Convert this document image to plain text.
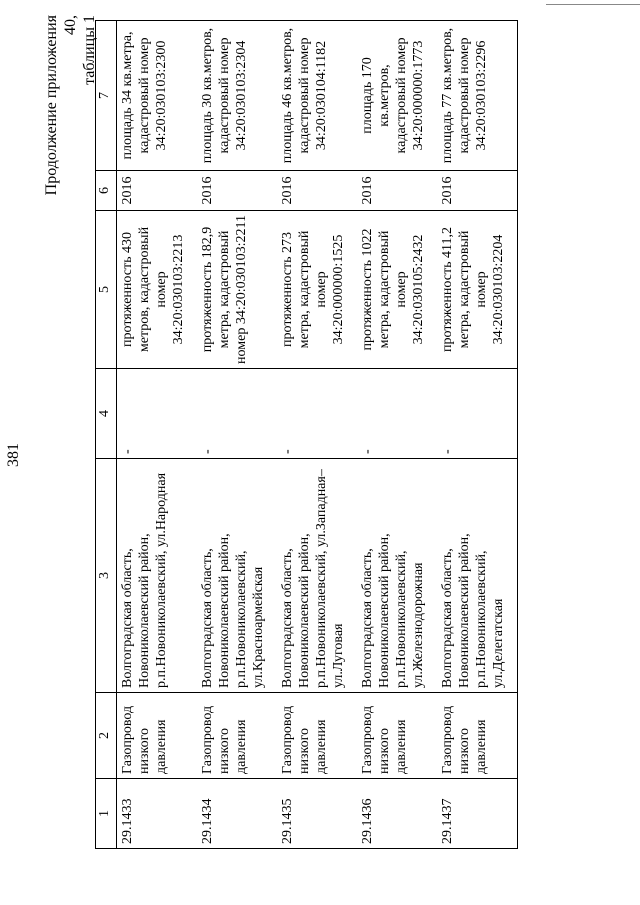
381
Продолжение приложения 40, таблицы 1
1	2	3	4	5	6	7
29.1433	Газопровод низкого давления	Волгоградская область, Новониколаевский район, р.п.Новониколаевский, ул.Народная	-	протяженность 430 метров, кадастровый номер 34:20:030103:2213	2016	площадь 34 кв.метра, кадастровый номер 34:20:030103:2300
29.1434	Газопровод низкого давления	Волгоградская область, Новониколаевский район, р.п.Новониколаевский, ул.Красноармейская	-	протяженность 182,9 метра, кадастровый номер 34:20:030103:2211	2016	площадь 30 кв.метров, кадастровый номер 34:20:030103:2304
29.1435	Газопровод низкого давления	Волгоградская область, Новониколаевский район, р.п.Новониколаевский, ул.Западная–ул.Луговая	-	протяженность 273 метра, кадастровый номер 34:20:000000:1525	2016	площадь 46 кв.метров, кадастровый номер 34:20:030104:1182
29.1436	Газопровод низкого давления	Волгоградская область, Новониколаевский район, р.п.Новониколаевский, ул.Железнодорожная	-	протяженность 1022 метра, кадастровый номер 34:20:030105:2432	2016	площадь 170 кв.метров, кадастровый номер 34:20:000000:1773
29.1437	Газопровод низкого давления	Волгоградская область, Новониколаевский район, р.п.Новониколаевский, ул.Делегатская	-	протяженность 411,2 метра, кадастровый номер 34:20:030103:2204	2016	площадь 77 кв.метров, кадастровый номер 34:20:030103:2296
